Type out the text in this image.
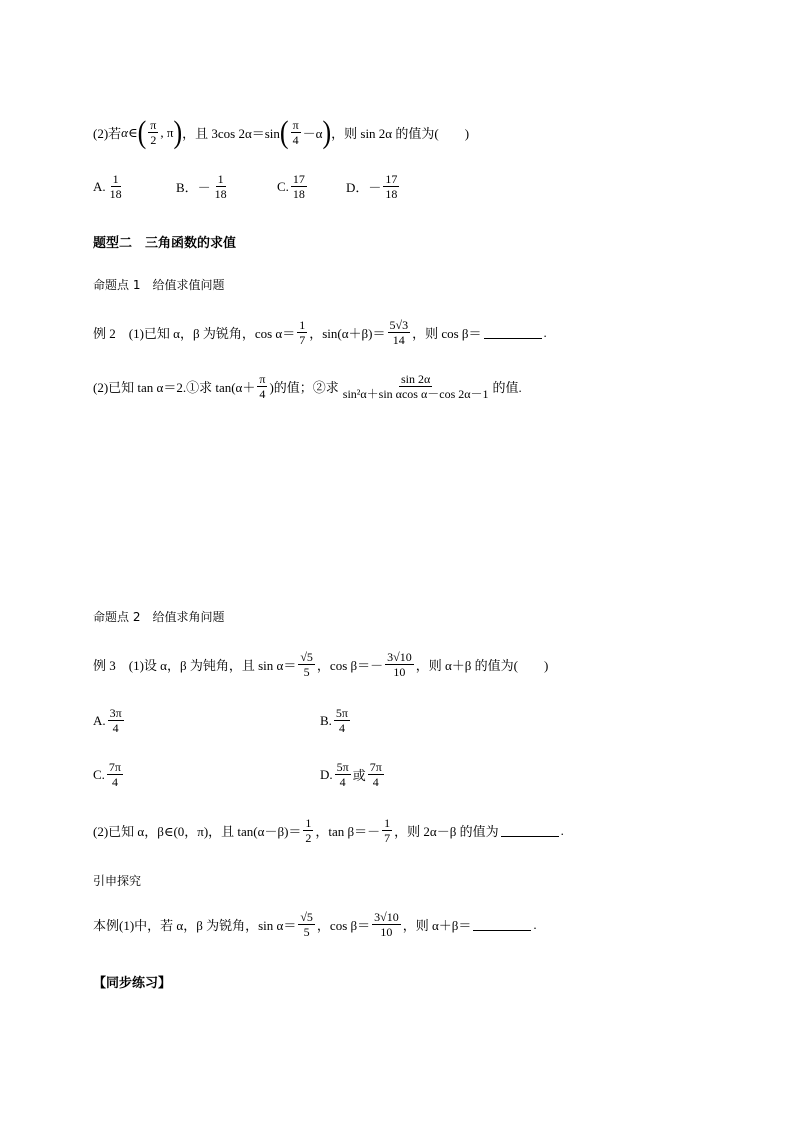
(2)若 α ∈ ( $\frac{\pi}{2}$ , π ) ，且 3cos 2α＝sin ( $\frac{\pi}{4} -\alpha$ ) ，则 sin 2α 的值为(　　)
A. $\frac{1}{18}$	B．－ $\frac{1}{18}$	C. $\frac{17}{18}$	D．－ $\frac{17}{18}$
题型二　三角函数的求值
命题点 1　给值求值问题
例 2　(1)已知 α，β 为锐角，$\cos \alpha= \frac{1}{7}$ ，$\sin(\alpha+\beta)= \frac{5√3}{14}$ ，则 cos β＝	.
(2)已知 tan α＝2.①求 $\tan(\alpha+ \frac{\pi}{4}$ )的值；②求 $\frac{\sin 2\alpha}{\text{sin²α＋sin αcos α－cos 2α－1}}$ 的值.
命题点 2　给值求角问题
例 3　(1)设 α，β 为钝角，且 $\sin \alpha= \frac{√5}{5}$ ，$\cos \beta=- \frac{3√10}{10}$ ，则 α＋β 的值为(　　)
A. $\frac{3\pi}{4}$	B. $\frac{5\pi}{4}$
C. $\frac{7\pi}{4}$	D. $\frac{5\pi}{4}$ 或 $\frac{7\pi}{4}$
(2)已知 α，β∈(0，π)，且 $\tan(\alpha-\beta)= \frac{1}{2}$ ，$\tan \beta=- \frac{1}{7}$ ，则 2α－β 的值为	.
引申探究
本例(1)中，若 α，β 为锐角，$\sin \alpha= \frac{√5}{5}$ ，$\cos \beta= \frac{3√10}{10}$ ，则 α＋β＝	.
【同步练习】
